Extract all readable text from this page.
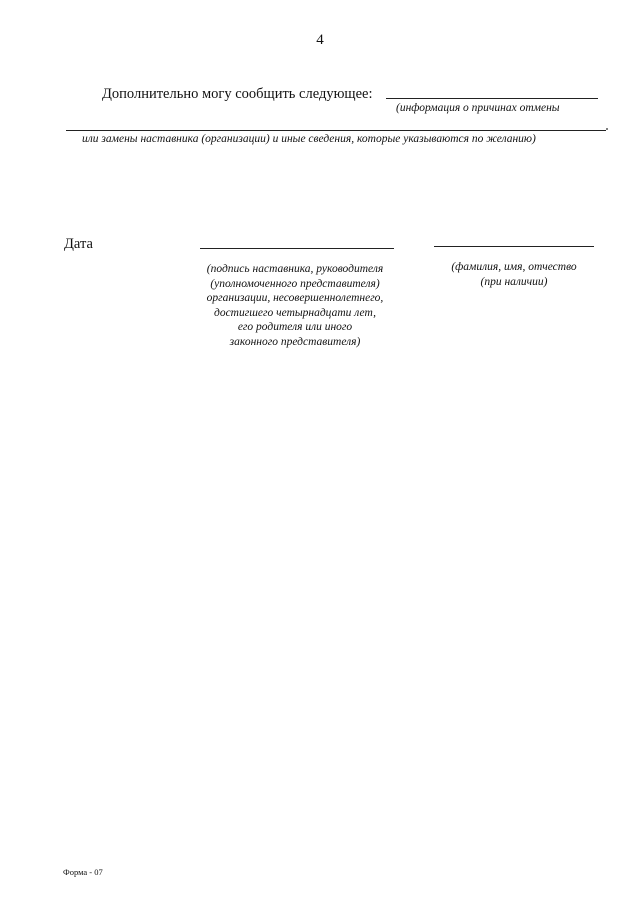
4
Дополнительно могу сообщить следующее:
(информация о причинах отмены
или замены наставника (организации) и иные сведения, которые указываются по желанию)
Дата
(подпись наставника, руководителя
(уполномоченного представителя)
организации, несовершеннолетнего,
достигшего четырнадцати лет,
его родителя или иного
законного представителя)
(фамилия, имя, отчество
(при наличии)
Форма - 07
